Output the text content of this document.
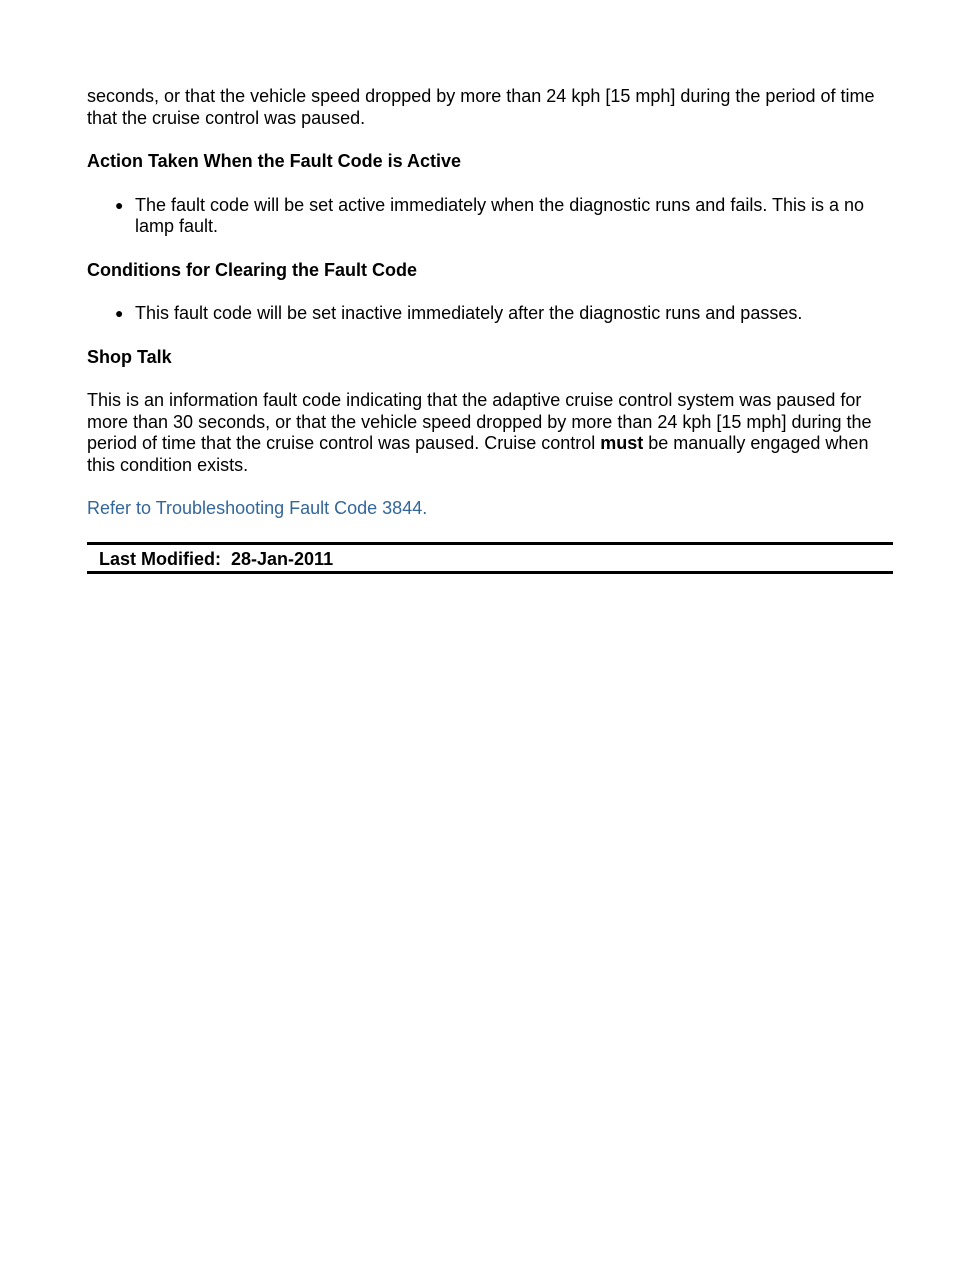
seconds, or that the vehicle speed dropped by more than 24 kph [15 mph] during the period of time that the cruise control was paused.

Action Taken When the Fault Code is Active
● The fault code will be set active immediately when the diagnostic runs and fails. This is a no lamp fault.
Conditions for Clearing the Fault Code
● This fault code will be set inactive immediately after the diagnostic runs and passes.
Shop Talk

This is an information fault code indicating that the adaptive cruise control system was paused for more than 30 seconds, or that the vehicle speed dropped by more than 24 kph [15 mph] during the period of time that the cruise control was paused. Cruise control must be manually engaged when this condition exists.

Refer to Troubleshooting Fault Code 3844.
Last Modified: 28-Jan-2011
